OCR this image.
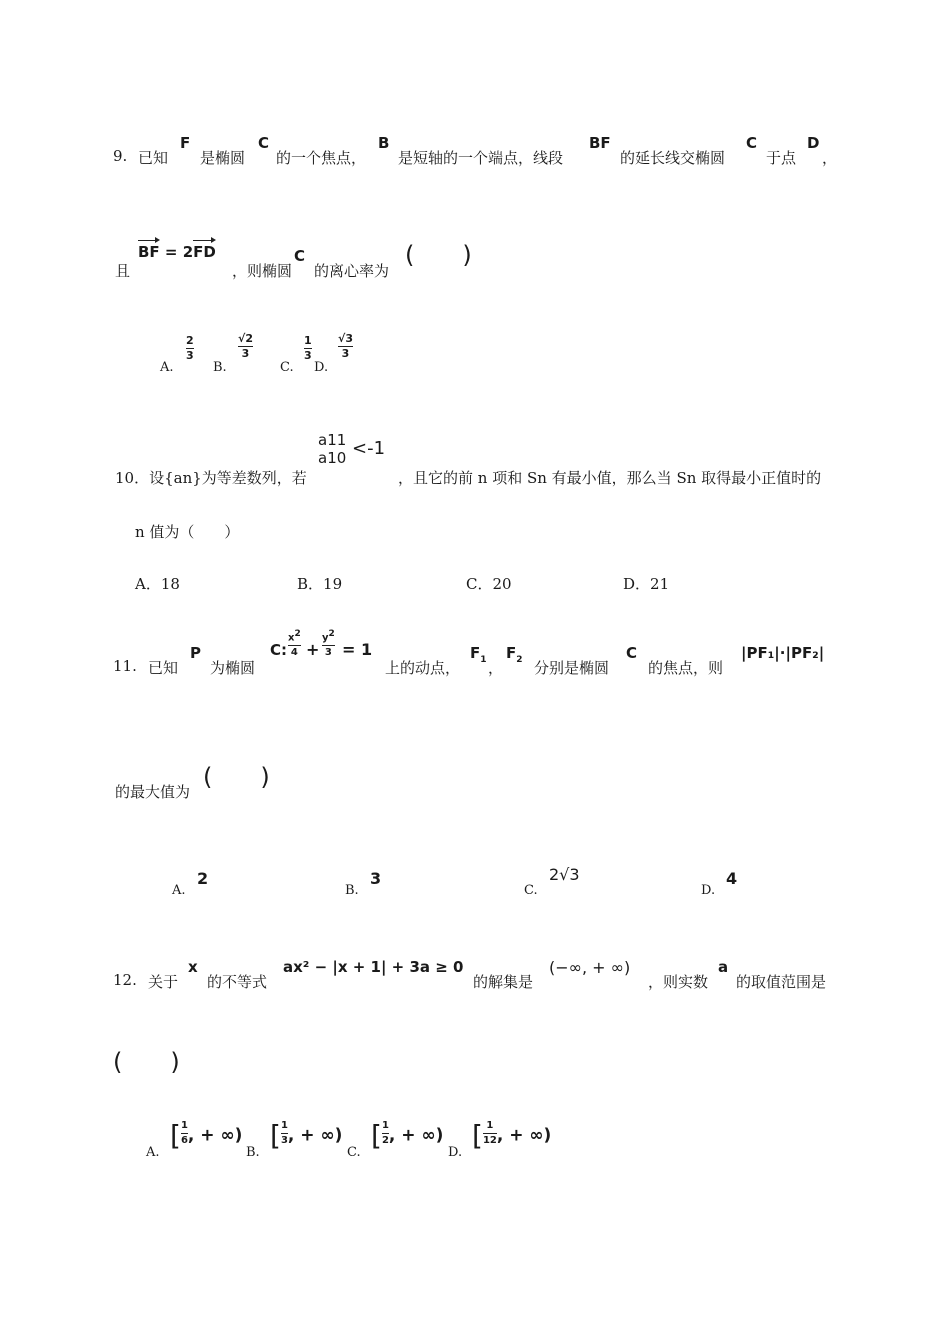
9. 已知
F
是椭圆
C
的一个焦点，
B
是短轴的一个端点，线段
BF
的延长线交椭圆
C
于点
D
，
且
BF = 2FD
，则椭圆
C
的离心率为
(　　)
A.
2
3
B.
√2
3
C.
1
3
D.
√3
3
a11
a10 <-1
10．设{an}为等差数列，若	，且它的前 n 项和 Sn 有最小值，那么当 Sn 取得最小正值时的
n 值为（　　）
A．18	B．19	C．20	D．21
11. 已知
P
为椭圆
C:
$x^2$
4 +
$y^2$
3 = 1
上的动点，
$F_1$ ，
$F_2$ 分别是椭圆
C
的焦点，则
|PF₁|·|PF₂|
的最大值为
(　　)
A.
2
B.
3
C.
2√3
D.
4
12. 关于
x
的不等式
ax² − |x + 1| + 3a ≥ 0
的解集是
(−∞, + ∞)
，则实数
a
的取值范围是
(　　)
A.
[ $\frac{1}{6}$ , + ∞)
B.
[ $\frac{1}{3}$ , + ∞)
C.
[ $\frac{1}{2}$ , + ∞)
D.
[ $\frac{1}{12}$ , + ∞)
